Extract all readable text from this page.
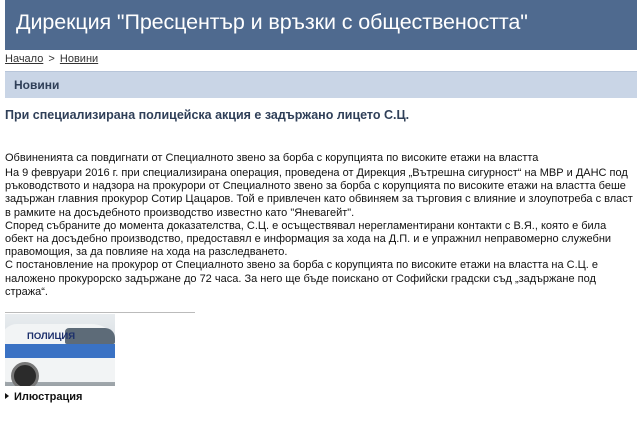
Дирекция "Пресцентър и връзки с обществеността"
Начало > Новини
Новини
При специализирана полицейска акция е задържано лицето С.Ц.
Обвиненията са повдигнати от Специалното звено за борба с корупцията по високите етажи на властта

На 9 февруари 2016 г. при специализирана операция, проведена от Дирекция „Вътрешна сигурност“ на МВР и ДАНС под ръководството и надзора на прокурори от Специалното звено за борба с корупцията по високите етажи на властта беше задържан главния прокурор Сотир Цацаров. Той е привлечен като обвиняем за търговия с влияние и злоупотреба с власт в рамките на досъдебното производство известно като "Яневагейт".

Според събраните до момента доказателства, С.Ц. е осъществявал нерегламентирани контакти с В.Я., която е била обект на досъдебно производство, предоставял е информация за хода на Д.П. и е упражнил неправомерно служебни правомощия, за да повлияе на хода на разследването.

С постановление на прокурор от Специалното звено за борба с корупцията по високите етажи на властта на С.Ц. е наложено прокурорско задържане до 72 часа. За него ще бъде поискано от Софийски градски съд „задържане под стража“.

ПОЛИЦИЯ
Илюстрация
